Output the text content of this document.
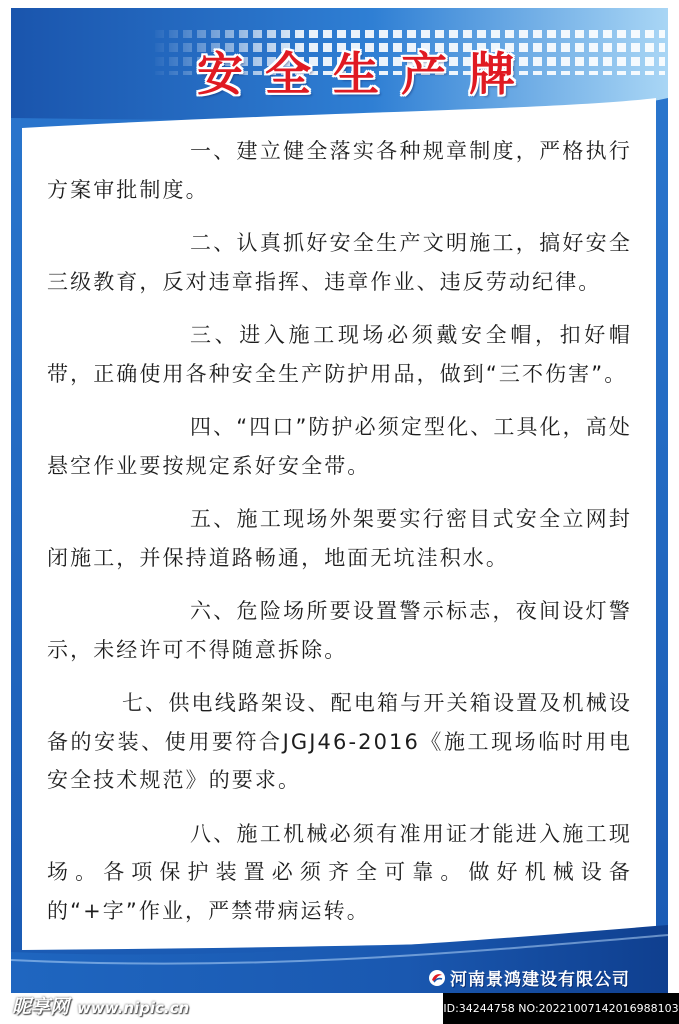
安全生产牌

一、建立健全落实各种规章制度，严格执行方案审批制度。

二、认真抓好安全生产文明施工，搞好安全三级教育，反对违章指挥、违章作业、违反劳动纪律。

三、进入施工现场必须戴安全帽，扣好帽带，正确使用各种安全生产防护用品，做到“三不伤害”。

四、“四口”防护必须定型化、工具化，高处悬空作业要按规定系好安全带。

五、施工现场外架要实行密目式安全立网封闭施工，并保持道路畅通，地面无坑洼积水。

六、危险场所要设置警示标志，夜间设灯警示，未经许可不得随意拆除。

七、供电线路架设、配电箱与开关箱设置及机械设备的安装、使用要符合JGJ46-2016《施工现场临时用电安全技术规范》的要求。

八、施工机械必须有准用证才能进入施工现场。各项保护装置必须齐全可靠。做好机械设备的“+字”作业，严禁带病运转。

河南景鸿建设有限公司
昵享网 www.nipic.cn	ID:34244758 NO:20221007142016988103
